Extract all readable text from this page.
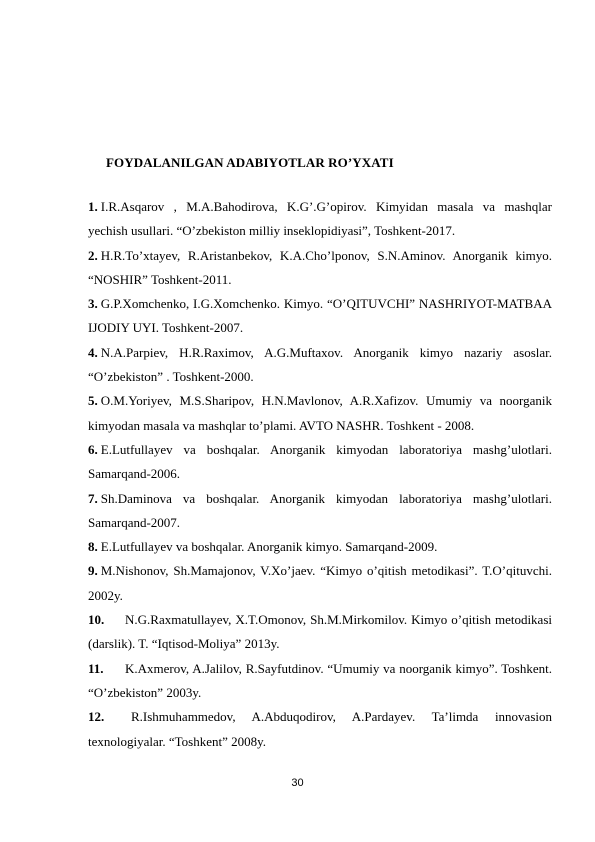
FOYDALANILGAN ADABIYOTLAR RO’YXATI
1. I.R.Asqarov , M.A.Bahodirova, K.G’.G’opirov. Kimyidan masala va mashqlar yechish usullari. “O’zbekiston milliy inseklopidiyasi”, Toshkent-2017.
2. H.R.To’xtayev, R.Aristanbekov, K.A.Cho’lponov, S.N.Aminov. Anorganik kimyo. “NOSHIR” Toshkent-2011.
3. G.P.Xomchenko, I.G.Xomchenko. Kimyo. “O’QITUVCHI” NASHRIYOT-MATBAA IJODIY UYI. Toshkent-2007.
4. N.A.Parpiev, H.R.Raximov, A.G.Muftaxov. Anorganik kimyo nazariy asoslar. “O’zbekiston” . Toshkent-2000.
5. O.M.Yoriyev, M.S.Sharipov, H.N.Mavlonov, A.R.Xafizov. Umumiy va noorganik kimyodan masala va mashqlar to’plami. AVTO NASHR. Toshkent - 2008.
6. E.Lutfullayev va boshqalar. Anorganik kimyodan laboratoriya mashg’ulotlari. Samarqand-2006.
7. Sh.Daminova va boshqalar. Anorganik kimyodan laboratoriya mashg’ulotlari. Samarqand-2007.
8. E.Lutfullayev va boshqalar. Anorganik kimyo. Samarqand-2009.
9. M.Nishonov, Sh.Mamajonov, V.Xo’jaev. “Kimyo o’qitish metodikasi”. T.O’qituvchi. 2002y.
10. N.G.Raxmatullayev, X.T.Omonov, Sh.M.Mirkomilov. Kimyo o’qitish metodikasi (darslik). T. “Iqtisod-Moliya” 2013y.
11. K.Axmerov, A.Jalilov, R.Sayfutdinov. “Umumiy va noorganik kimyo”. Toshkent. “O’zbekiston” 2003y.
12. R.Ishmuhammedov, A.Abduqodirov, A.Pardayev. Ta’limda innovasion texnologiyalar. “Toshkent” 2008y.
30
